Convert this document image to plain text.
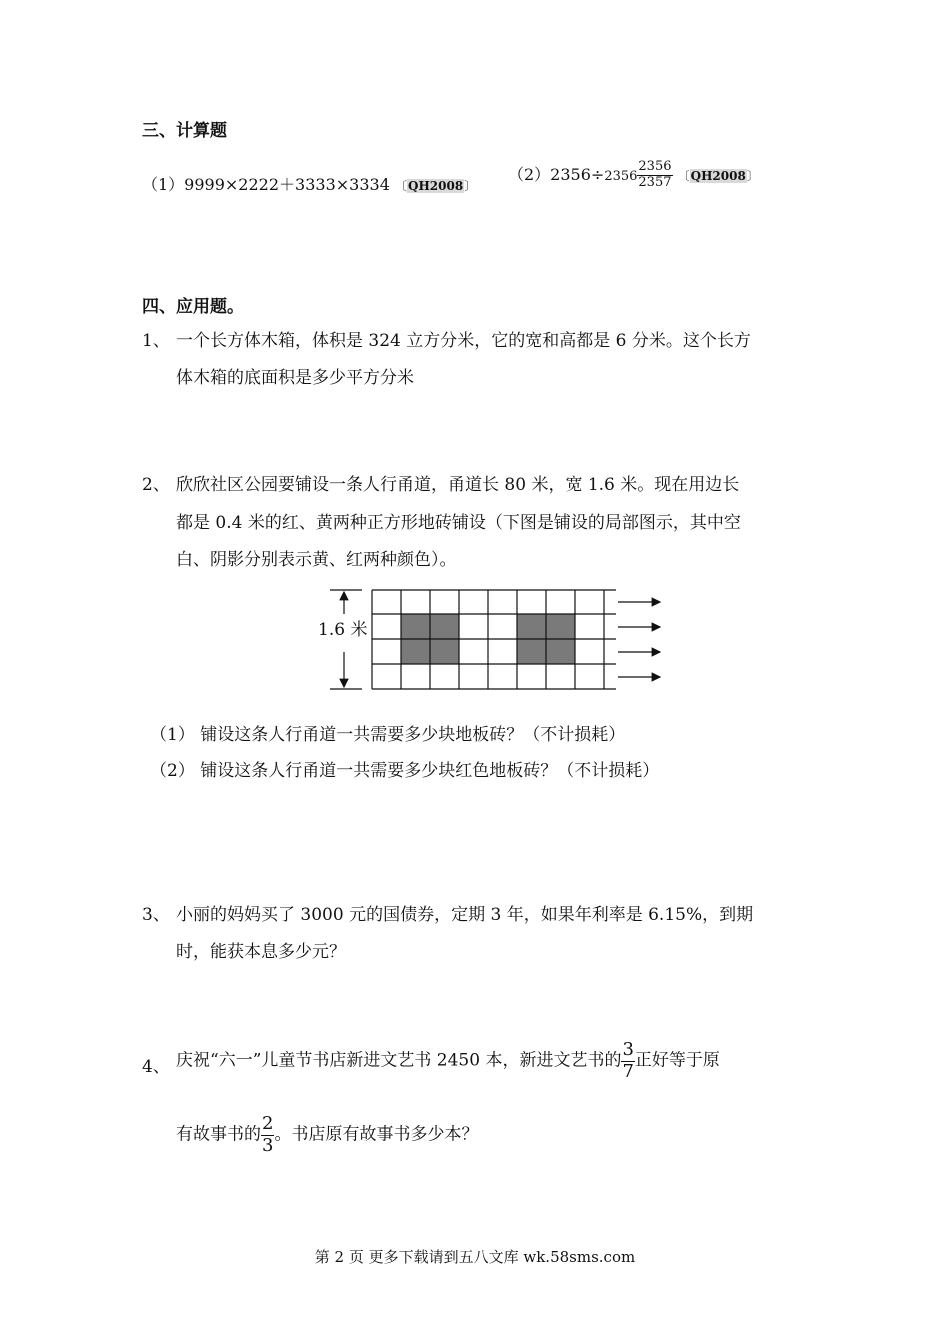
三、计算题
（1）9999×2222＋3333×3334 〔QH2008〕
$(2)2356\div 2356 \frac{2356}{2357}$ 〔QH2008〕
四、应用题。
1、 一个长方体木箱，体积是 324 立方分米，它的宽和高都是 6 分米。这个长方
体木箱的底面积是多少平方分米
2、 欣欣社区公园要铺设一条人行甬道，甬道长 80 米，宽 1.6 米。现在用边长
都是 0.4 米的红、黄两种正方形地砖铺设（下图是铺设的局部图示，其中空
白、阴影分别表示黄、红两种颜色）。
1.6 米
（1） 铺设这条人行甬道一共需要多少块地板砖？（不计损耗）
（2） 铺设这条人行甬道一共需要多少块红色地板砖？（不计损耗）
3、 小丽的妈妈买了 3000 元的国债券，定期 3 年，如果年利率是 6.15%，到期
时，能获本息多少元？
4、 庆祝“六一”儿童节书店新进文艺书 2450 本，新进文艺书的 $\frac{3}{7}$ 正好等于原
有故事书的 $\frac{2}{3}$ 。书店原有故事书多少本？
第 2 页 更多下载请到五八文库 wk.58sms.com
